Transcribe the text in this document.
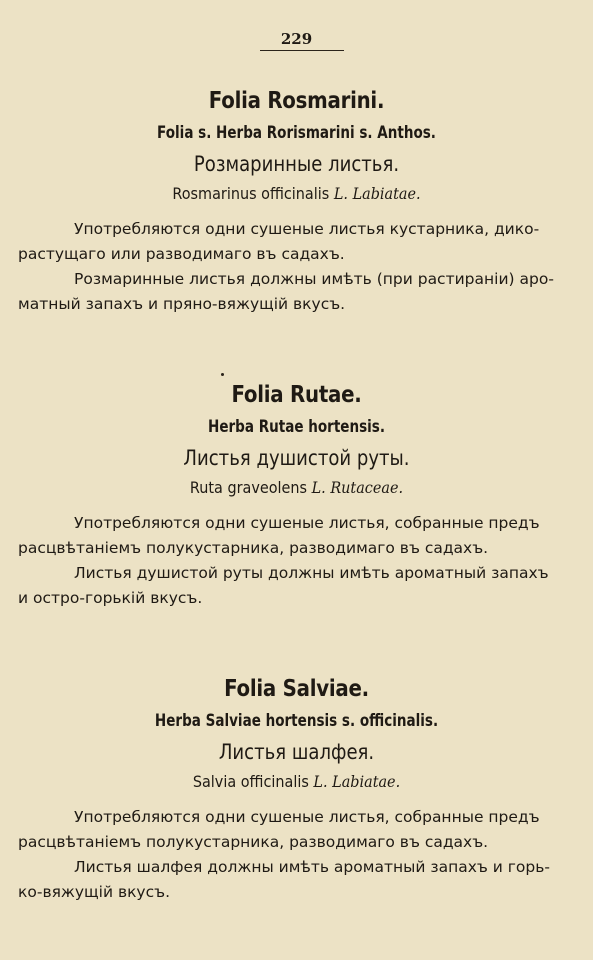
229
Folia Rosmarini.
Folia s. Herba Rorismarini s. Anthos.
Розмаринные листья.
Rosmarinus officinalis L. Labiatae.
Употребляются одни сушеные листья кустарника, дико-
растущаго или разводимаго въ садахъ.
Розмаринные листья должны имѣть (при растираніи) аро-
матный запахъ и пряно-вяжущій вкусъ.
Folia Rutae.
Herba Rutae hortensis.
Листья душистой руты.
Ruta graveolens L. Rutaceae.
Употребляются одни сушеные листья, собранные предъ
расцвѣтаніемъ полукустарника, разводимаго въ садахъ.
Листья душистой руты должны имѣть ароматный запахъ
и остро-горькій вкусъ.
Folia Salviae.
Herba Salviae hortensis s. officinalis.
Листья шалфея.
Salvia officinalis L. Labiatae.
Употребляются одни сушеные листья, собранные предъ
расцвѣтаніемъ полукустарника, разводимаго въ садахъ.
Листья шалфея должны имѣть ароматный запахъ и горь-
ко-вяжущій вкусъ.
